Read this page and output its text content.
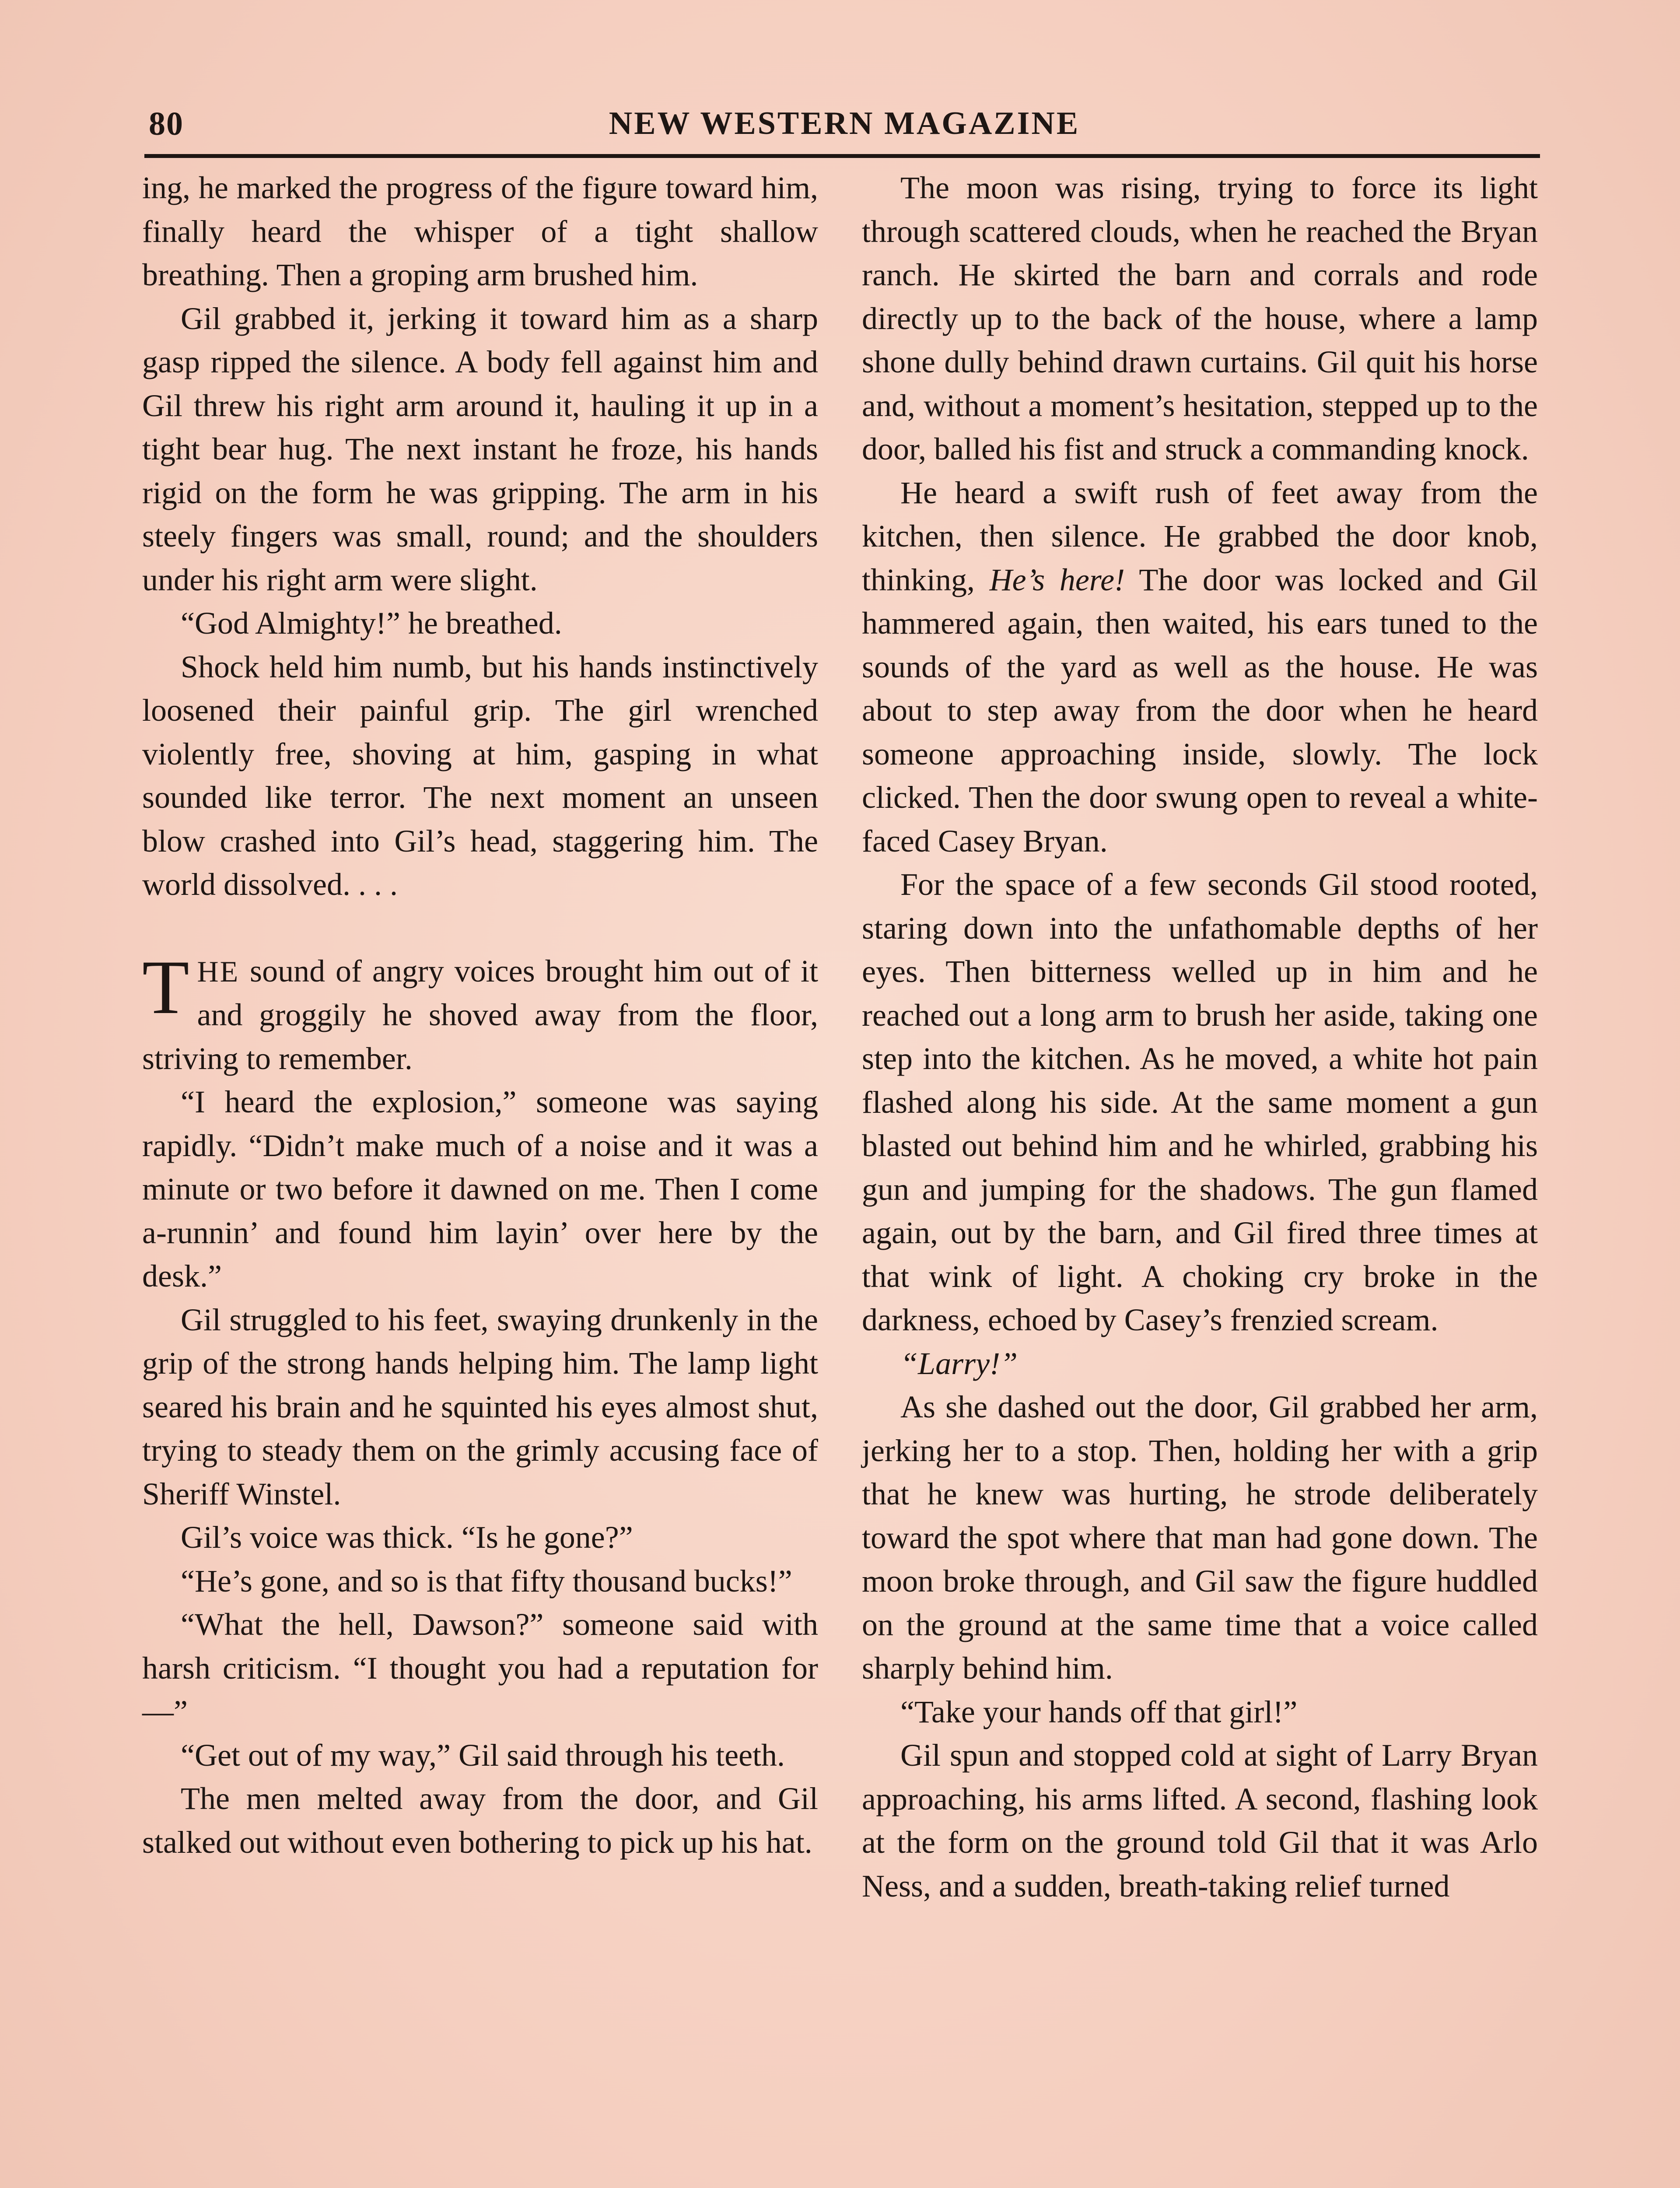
80	NEW WESTERN MAGAZINE

ing, he marked the progress of the figure toward him, finally heard the whisper of a tight shallow breathing. Then a groping arm brushed him.

Gil grabbed it, jerking it toward him as a sharp gasp ripped the silence. A body fell against him and Gil threw his right arm around it, hauling it up in a tight bear hug. The next instant he froze, his hands rigid on the form he was gripping. The arm in his steely fingers was small, round; and the shoulders under his right arm were slight.

“God Almighty!” he breathed.

Shock held him numb, but his hands instinctively loosened their painful grip. The girl wrenched violently free, shoving at him, gasping in what sounded like terror. The next moment an unseen blow crashed into Gil’s head, staggering him. The world dissolved. . . .

THE sound of angry voices brought him out of it and groggily he shoved away from the floor, striving to remember.

“I heard the explosion,” someone was saying rapidly. “Didn’t make much of a noise and it was a minute or two before it dawned on me. Then I come a-runnin’ and found him layin’ over here by the desk.”

Gil struggled to his feet, swaying drunkenly in the grip of the strong hands helping him. The lamp light seared his brain and he squinted his eyes almost shut, trying to steady them on the grimly accusing face of Sheriff Winstel.

Gil’s voice was thick. “Is he gone?”

“He’s gone, and so is that fifty thousand bucks!”

“What the hell, Dawson?” someone said with harsh criticism. “I thought you had a reputation for—”

“Get out of my way,” Gil said through his teeth.

The men melted away from the door, and Gil stalked out without even bothering to pick up his hat.

The moon was rising, trying to force its light through scattered clouds, when he reached the Bryan ranch. He skirted the barn and corrals and rode directly up to the back of the house, where a lamp shone dully behind drawn curtains. Gil quit his horse and, without a moment’s hesitation, stepped up to the door, balled his fist and struck a commanding knock.

He heard a swift rush of feet away from the kitchen, then silence. He grabbed the door knob, thinking, He’s here! The door was locked and Gil hammered again, then waited, his ears tuned to the sounds of the yard as well as the house. He was about to step away from the door when he heard someone approaching inside, slowly. The lock clicked. Then the door swung open to reveal a white-faced Casey Bryan.

For the space of a few seconds Gil stood rooted, staring down into the unfathomable depths of her eyes. Then bitterness welled up in him and he reached out a long arm to brush her aside, taking one step into the kitchen. As he moved, a white hot pain flashed along his side. At the same moment a gun blasted out behind him and he whirled, grabbing his gun and jumping for the shadows. The gun flamed again, out by the barn, and Gil fired three times at that wink of light. A choking cry broke in the darkness, echoed by Casey’s frenzied scream.

“Larry!”

As she dashed out the door, Gil grabbed her arm, jerking her to a stop. Then, holding her with a grip that he knew was hurting, he strode deliberately toward the spot where that man had gone down. The moon broke through, and Gil saw the figure huddled on the ground at the same time that a voice called sharply behind him.

“Take your hands off that girl!”

Gil spun and stopped cold at sight of Larry Bryan approaching, his arms lifted. A second, flashing look at the form on the ground told Gil that it was Arlo Ness, and a sudden, breath-taking relief turned
